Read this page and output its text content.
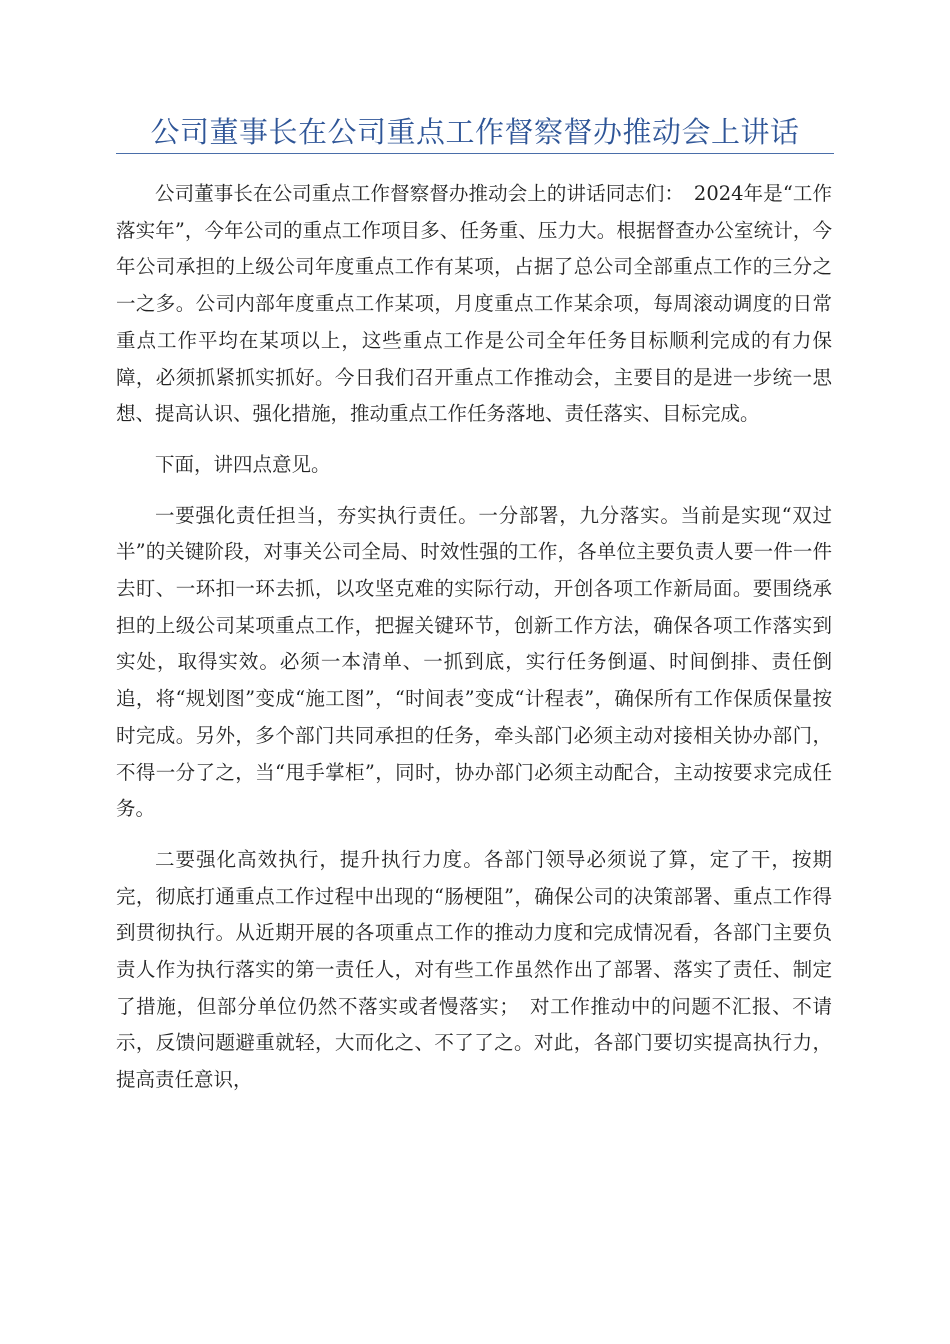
公司董事长在公司重点工作督察督办推动会上讲话

公司董事长在公司重点工作督察督办推动会上的讲话同志们：　2024年是“工作落实年”，今年公司的重点工作项目多、任务重、压力大。根据督查办公室统计，今年公司承担的上级公司年度重点工作有某项，占据了总公司全部重点工作的三分之一之多。公司内部年度重点工作某项，月度重点工作某余项，每周滚动调度的日常重点工作平均在某项以上，这些重点工作是公司全年任务目标顺利完成的有力保障，必须抓紧抓实抓好。今日我们召开重点工作推动会，主要目的是进一步统一思想、提高认识、强化措施，推动重点工作任务落地、责任落实、目标完成。

下面，讲四点意见。

一要强化责任担当，夯实执行责任。一分部署，九分落实。当前是实现“双过半”的关键阶段，对事关公司全局、时效性强的工作，各单位主要负责人要一件一件去盯、一环扣一环去抓，以攻坚克难的实际行动，开创各项工作新局面。要围绕承担的上级公司某项重点工作，把握关键环节，创新工作方法，确保各项工作落实到实处，取得实效。必须一本清单、一抓到底，实行任务倒逼、时间倒排、责任倒追，将“规划图”变成“施工图”，“时间表”变成“计程表”，确保所有工作保质保量按时完成。另外，多个部门共同承担的任务，牵头部门必须主动对接相关协办部门，不得一分了之，当“甩手掌柜”，同时，协办部门必须主动配合，主动按要求完成任务。

二要强化高效执行，提升执行力度。各部门领导必须说了算，定了干，按期完，彻底打通重点工作过程中出现的“肠梗阻”，确保公司的决策部署、重点工作得到贯彻执行。从近期开展的各项重点工作的推动力度和完成情况看，各部门主要负责人作为执行落实的第一责任人，对有些工作虽然作出了部署、落实了责任、制定了措施，但部分单位仍然不落实或者慢落实；　对工作推动中的问题不汇报、不请示，反馈问题避重就轻，大而化之、不了了之。对此，各部门要切实提高执行力，提高责任意识，
